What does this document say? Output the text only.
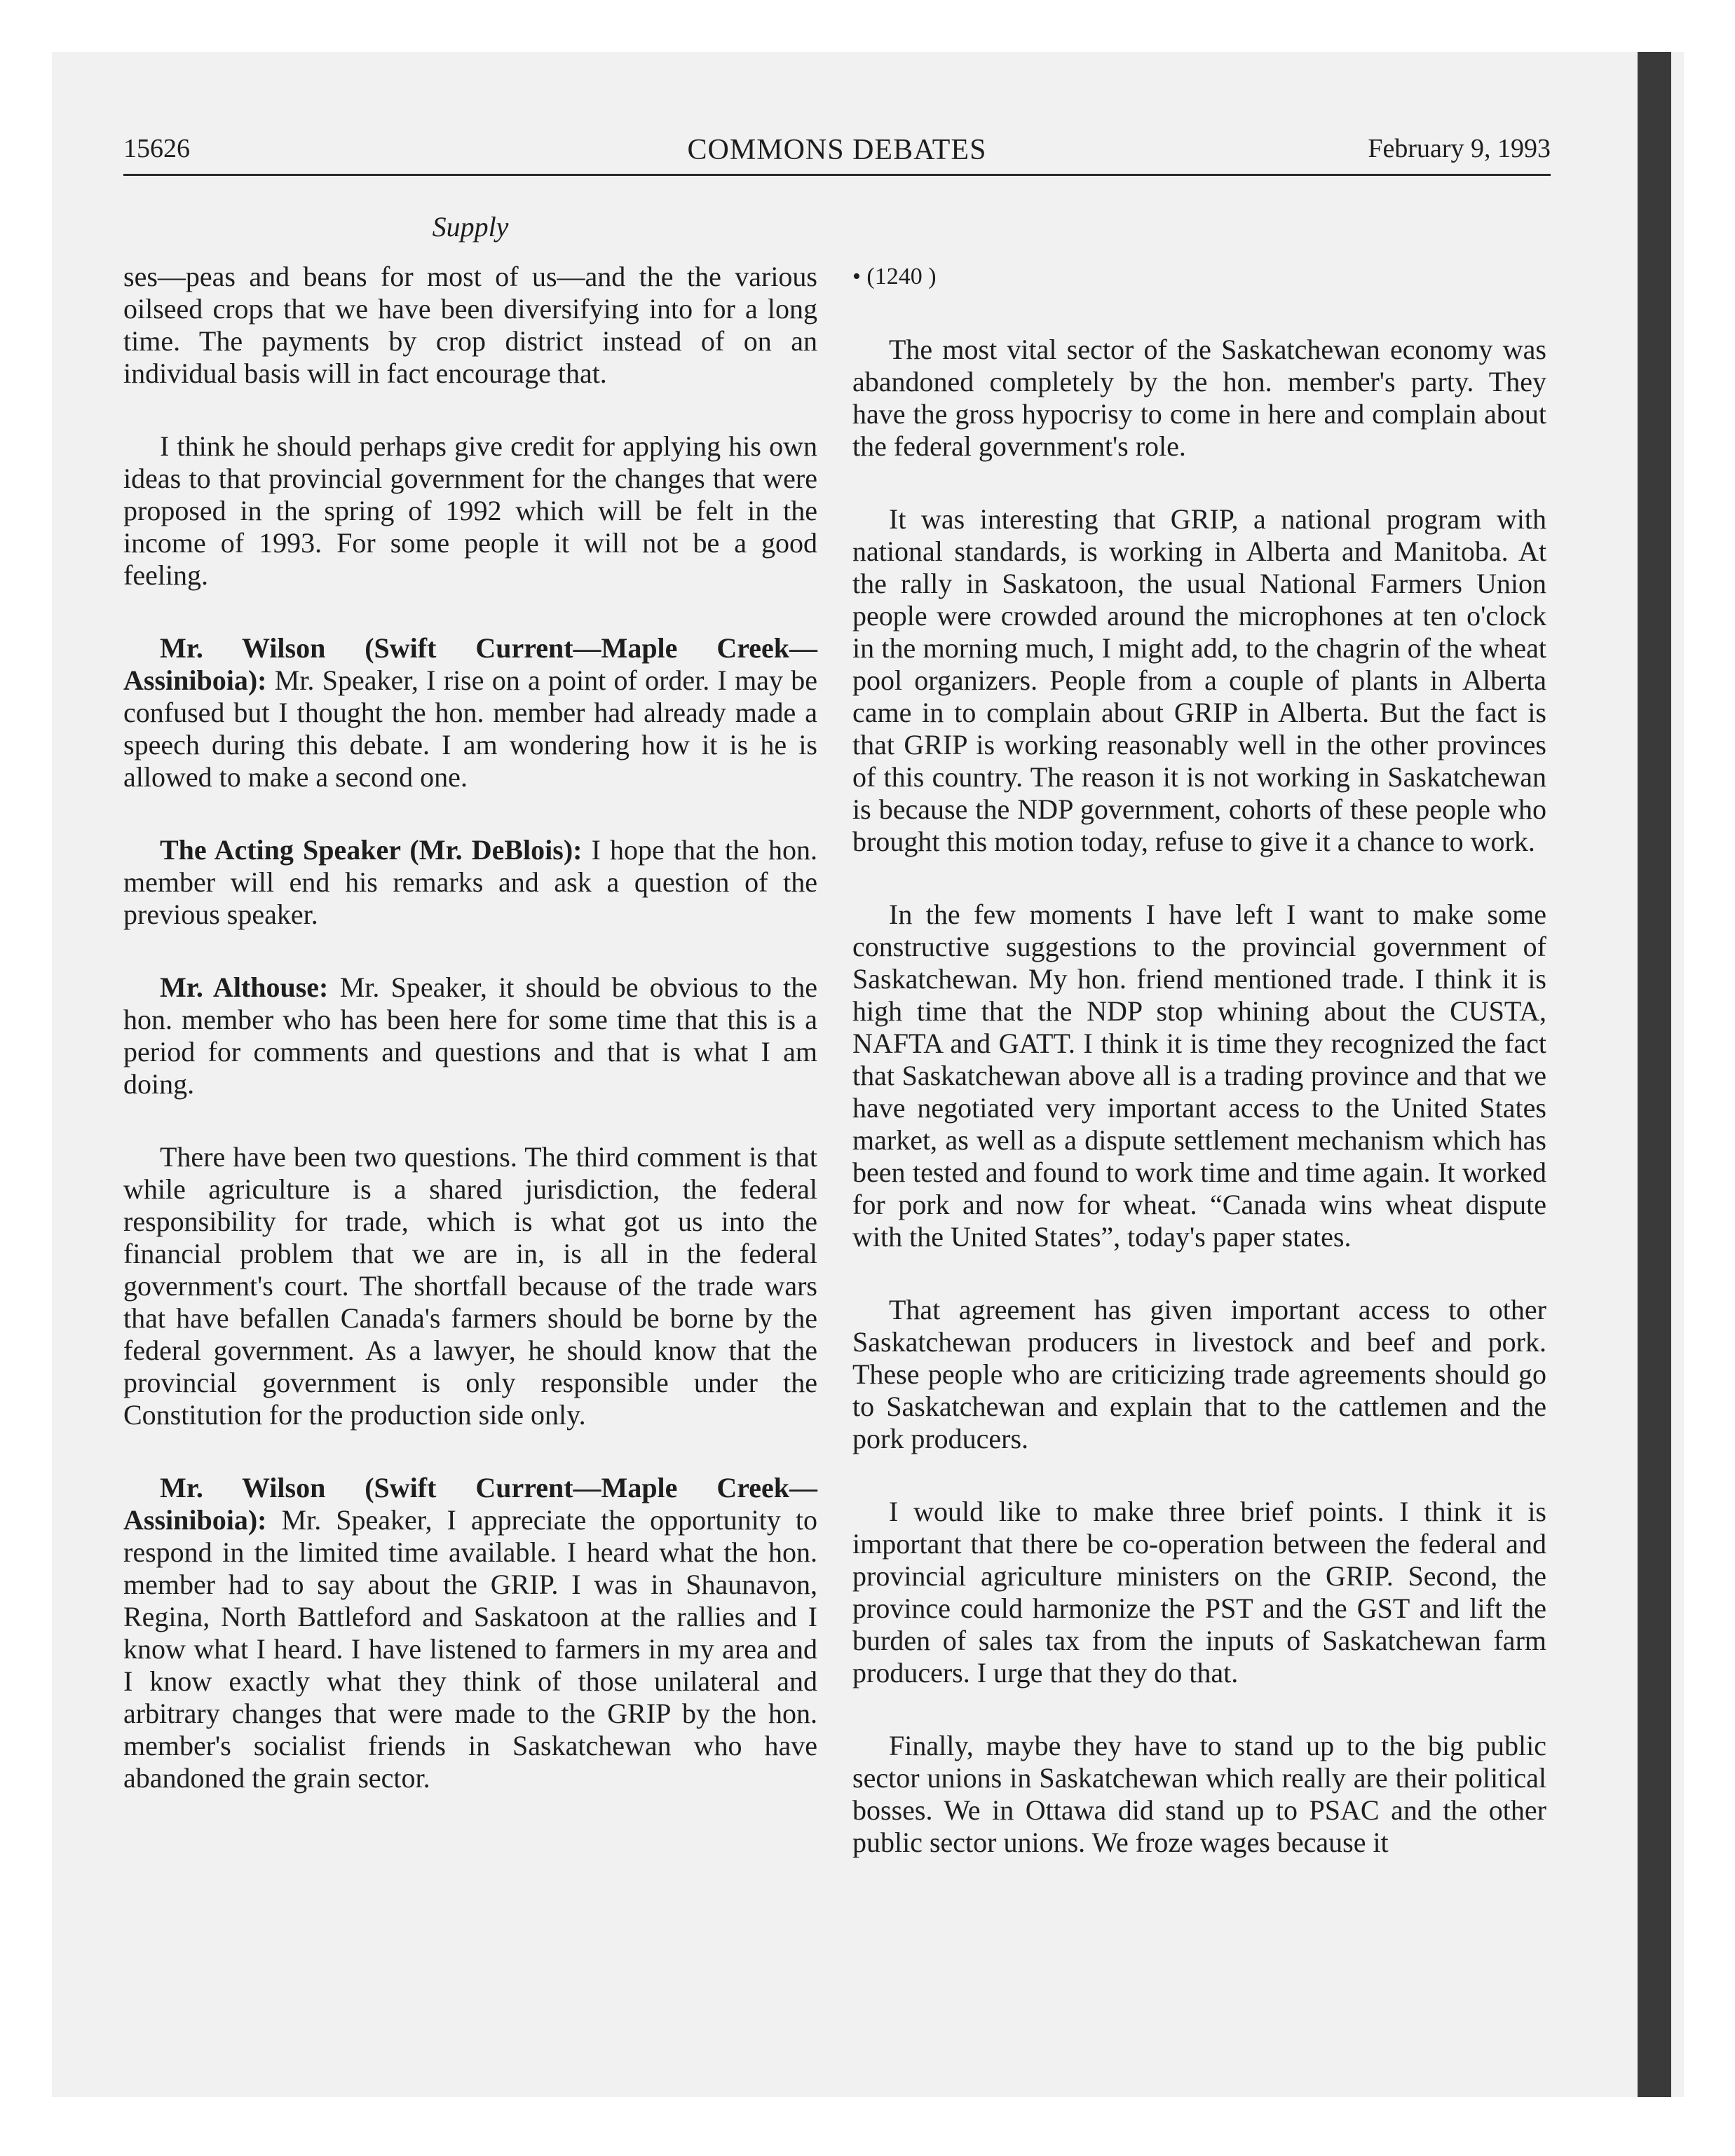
15626	COMMONS DEBATES	February 9, 1993
Supply

ses—peas and beans for most of us—and the the various oilseed crops that we have been diversifying into for a long time. The payments by crop district instead of on an individual basis will in fact encourage that.

I think he should perhaps give credit for applying his own ideas to that provincial government for the changes that were proposed in the spring of 1992 which will be felt in the income of 1993. For some people it will not be a good feeling.

Mr. Wilson (Swift Current—Maple Creek—Assiniboia): Mr. Speaker, I rise on a point of order. I may be confused but I thought the hon. member had already made a speech during this debate. I am wondering how it is he is allowed to make a second one.

The Acting Speaker (Mr. DeBlois): I hope that the hon. member will end his remarks and ask a question of the previous speaker.

Mr. Althouse: Mr. Speaker, it should be obvious to the hon. member who has been here for some time that this is a period for comments and questions and that is what I am doing.

There have been two questions. The third comment is that while agriculture is a shared jurisdiction, the federal responsibility for trade, which is what got us into the financial problem that we are in, is all in the federal government's court. The shortfall because of the trade wars that have befallen Canada's farmers should be borne by the federal government. As a lawyer, he should know that the provincial government is only responsible under the Constitution for the production side only.

Mr. Wilson (Swift Current—Maple Creek—Assiniboia): Mr. Speaker, I appreciate the opportunity to respond in the limited time available. I heard what the hon. member had to say about the GRIP. I was in Shaunavon, Regina, North Battleford and Saskatoon at the rallies and I know what I heard. I have listened to farmers in my area and I know exactly what they think of those unilateral and arbitrary changes that were made to the GRIP by the hon. member's socialist friends in Saskatchewan who have abandoned the grain sector.

• (1240 )

The most vital sector of the Saskatchewan economy was abandoned completely by the hon. member's party. They have the gross hypocrisy to come in here and complain about the federal government's role.

It was interesting that GRIP, a national program with national standards, is working in Alberta and Manitoba. At the rally in Saskatoon, the usual National Farmers Union people were crowded around the microphones at ten o'clock in the morning much, I might add, to the chagrin of the wheat pool organizers. People from a couple of plants in Alberta came in to complain about GRIP in Alberta. But the fact is that GRIP is working reasonably well in the other provinces of this country. The reason it is not working in Saskatchewan is because the NDP government, cohorts of these people who brought this motion today, refuse to give it a chance to work.

In the few moments I have left I want to make some constructive suggestions to the provincial government of Saskatchewan. My hon. friend mentioned trade. I think it is high time that the NDP stop whining about the CUSTA, NAFTA and GATT. I think it is time they recognized the fact that Saskatchewan above all is a trading province and that we have negotiated very important access to the United States market, as well as a dispute settlement mechanism which has been tested and found to work time and time again. It worked for pork and now for wheat. “Canada wins wheat dispute with the United States”, today's paper states.

That agreement has given important access to other Saskatchewan producers in livestock and beef and pork. These people who are criticizing trade agreements should go to Saskatchewan and explain that to the cattlemen and the pork producers.

I would like to make three brief points. I think it is important that there be co-operation between the federal and provincial agriculture ministers on the GRIP. Second, the province could harmonize the PST and the GST and lift the burden of sales tax from the inputs of Saskatchewan farm producers. I urge that they do that.

Finally, maybe they have to stand up to the big public sector unions in Saskatchewan which really are their political bosses. We in Ottawa did stand up to PSAC and the other public sector unions. We froze wages because it
